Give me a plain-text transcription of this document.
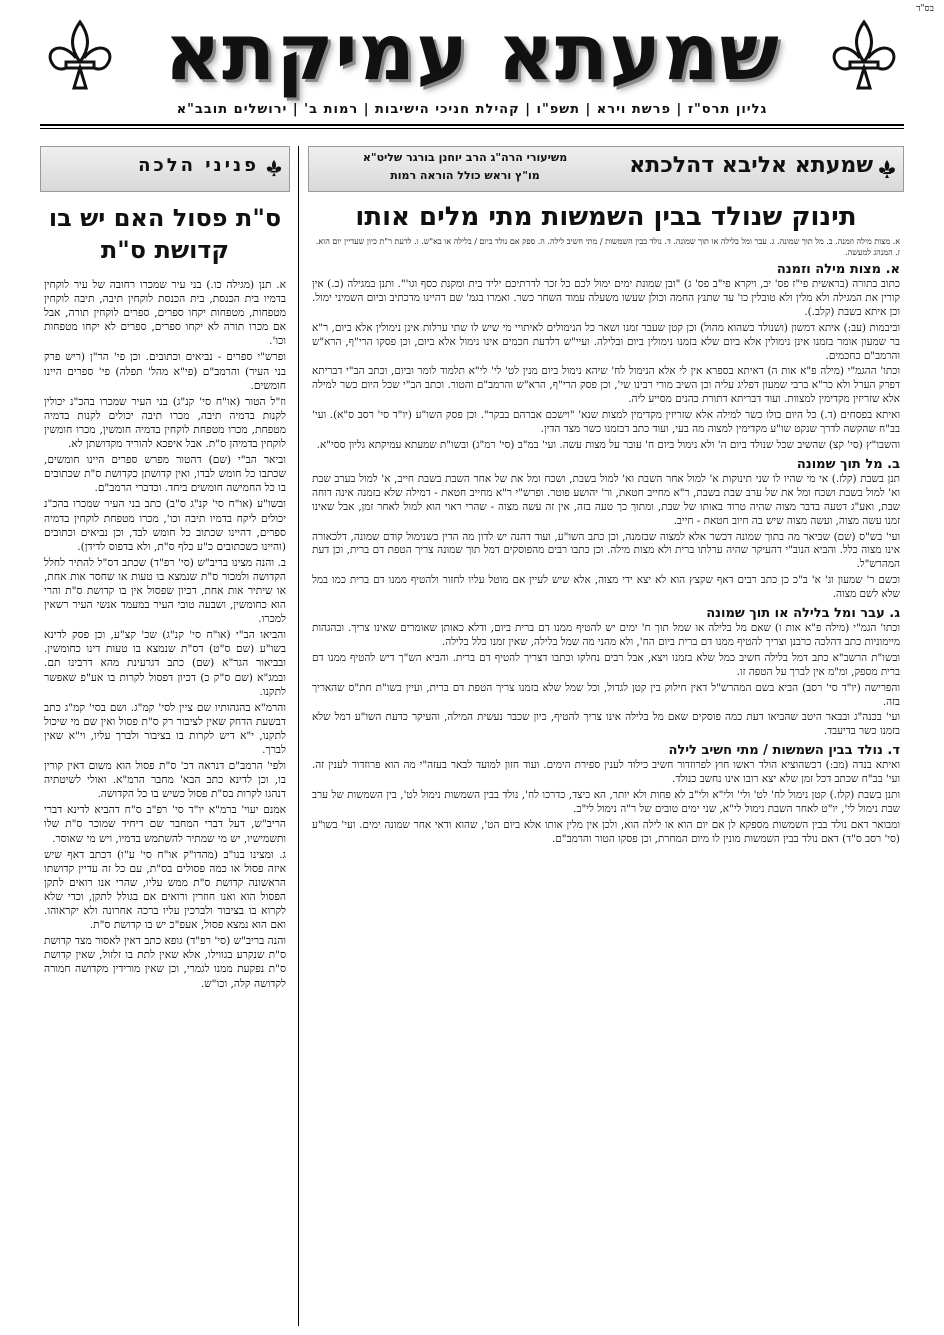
בס"ד
שמעתא עמיקתא
גליון תרס"ז | פרשת וירא | תשפ"ו | קהילת חניכי הישיבות | רמות ב' | ירושלים תובב"א
שמעתא אליבא דהלכתא
משיעורי הרה"ג הרב יוחנן בורגר שליט"א
מו"ץ וראש כולל הוראה רמות
תינוק שנולד בבין השמשות מתי מלים אותו
א. מצות מילה וזמנה. ב. מל תוך שמונה. ג. עבר ומל בלילה או תוך שמונה. ד. נולד בבין השמשות / מתי חשיב לילה. ה. ספק אם נולד ביום / בלילה או בא"ש. ו. לדעת ר"ת כיון שעדיין יום הוא. ז. המנהג למעשה.
א. מצות מילה וזמנה

כתוב בתורה (בראשית פי"ז פס' יב, ויקרא פי"ב פס' ג) "ובן שמונת ימים ימול לכם כל זכר לדרתיכם יליד בית ומקנת כסף וגו'". ותנן במגילה (כ.) אין קורין את המגילה ולא מלין ולא טובלין כו' עד שתנץ החמה וכולן שעשו משעלה עמוד השחר כשר. ואמרו בגמ' שם דהיינו מדכתיב וביום השמיני ימול. וכן איתא בשבת (קלב.).

וביבמות (עב:) איתא דמשון (ושנולד כשהוא מהול) וכן קטן שעבר זמנו ושאר כל הנימולים לאיתויי מי שיש לו שתי ערלות אינן נימולין אלא ביום, ר"א בר שמעון אומר בזמנו אינן נימולין אלא ביום שלא בזמנו נימולין ביום ובלילה. ועיי"ש דלדעת חכמים אינו נימול אלא ביום, וכן פסקו הרי"ף, הרא"ש והרמב"ם כחכמים.

וכתו' ההגמ"י (מילה פ"א אות ה) דאיתא בספרא אין לי אלא הנימול לח' שיהא נימול ביום מנין לט' לי' לי"א תלמוד לומר וביום, וכתב הב"י דבריתא דפרק הערל ולא כר"א ברבי שמעון דפליג עליה וכן השיב מורי רבינו שי', וכן פסק הרי"ף, הרא"ש והרמב"ם והטור. וכתב הב"י שכל היום כשר למילה אלא שזריזין מקדימין למצוות. ועוד דבריתא דתורת כהנים מסייע ליה.

ואיתא בפסחים (ד.) כל היום כולו כשר למילה אלא שזריזין מקדימין למצות שנא' "וישכם אברהם בבקר". וכן פסק השו"ע (יו"ד סי' רסב ס"א). ועי' בב"ח שהקשה לדרך שנקט שו"ע מקדימין למצוה מה בעי, ועוד כתב דבזמנו כשר מצד הדין.

והשבו"ץ (סי' קצ) שהשיב שכל שנולד ביום ה' ולא נימול ביום ח' עובר על מצות עשה. ועי' במ"ב (סי' רמ"ג) ובשו"ת שמעתא עמיקתא גליון ססי"א.

ב. מל תוך שמונה

תנן בשבת (קלז.) אי מי שהיו לו שני תינוקות א' למול אחר השבת וא' למול בשבת, ושכח ומל את של אחר השבת בשבת חייב, א' למול בערב שבת וא' למול בשבת ושכח ומל את של ערב שבת בשבת, ר"א מחייב חטאת, ור' יהושע פוטר. ופרש"י ר"א מחייב חטאת - דמילה שלא בזמנה אינה דוחה שבת, ואע"ג דטעה בדבר מצוה שהיה טרוד באותו של שבת, ומתוך כך טעה בזה, אין זה עשה מצוה - שהרי ראוי הוא למול לאחר זמן, אבל שאינו זמנו עשה מצוה, ועשה מצוה שיש בה חיוב חטאת - חייב.

ועי' בש"ס (שם) שביאר מה בתוך שמונה דכשר אלא למצוה שבזמנה, וכן כתב השו"ע, ועוד דהנה יש לדון מה הדין כשנימול קודם שמונה, דלכאורה אינו מצוה כלל. והביא הנוב"י דהעיקר שהיה ערלתו ברית ולא מצות מילה. וכן כתבו רבים מהפוסקים דמל תוך שמונה צריך הטפת דם ברית, וכן דעת המהרש"ל.

וכשם ר' שמעון וג' א' ב"כ כן כתב רבים דאף שקצץ הוא לא יצא ידי מצוה, אלא שיש לעיין אם מוטל עליו לחזור ולהטיף ממנו דם ברית כמו במל שלא לשם מצוה.

ג. עבר ומל בלילה או תוך שמונה

וכתו' הגמ"י (מילה פ"א אות ו) שאם מל בלילה או שמל תוך ח' ימים יש להטיף ממנו דם ברית ביום, ודלא כאותן שאומרים שאינו צריך. ובהגהות מיימוניות כתב דהלכה כרבנן וצריך להטיף ממנו דם ברית ביום הח', ולא מהני מה שמל בלילה, שאין זמנו כלל בלילה.

ובשו"ת הרשב"א כתב דמל בלילה חשיב כמל שלא בזמנו ויצא, אבל רבים נחלקו וכתבו דצריך להטיף דם ברית. והביא הש"ך דיש להטיף ממנו דם ברית מספק, ומ"מ אין לברך על הטפה זו.

והפרישה (יו"ד סי' רסב) הביא בשם המהרש"ל דאין חילוק בין קטן לגדול, וכל שמל שלא בזמנו צריך הטפת דם ברית, ועיין בשו"ת חת"ס שהאריך בזה.

ועי' בכנה"ג ובבאר היטב שהביאו דעת כמה פוסקים שאם מל בלילה אינו צריך להטיף, כיון שכבר נעשית המילה, והעיקר כדעת השו"ע דמל שלא בזמנו כשר בדיעבד.

ד. נולד בבין השמשות / מתי חשיב לילה

ואיתא בנדה (מב:) דכשהוציא הולד ראשו חוץ לפרוזדור חשיב כילוד לענין ספירת הימים. ועוד חזון למועד לבאר בעזה"י מה הוא פרוזדור לענין זה. ועי' בב"ח שכתב דכל זמן שלא יצא רובו אינו נחשב כנולד.

ותנן בשבת (קלז.) קטן נימול לח' לט' ולי' ולי"א ולי"ב לא פחות ולא יותר, הא כיצד, כדרכו לח', נולד בבין השמשות נימול לט', בין השמשות של ערב שבת נימול לי', יו"ט לאחר השבת נימול לי"א, שני ימים טובים של ר"ה נימול לי"ב.

ומבואר דאם נולד בבין השמשות מספקא לן אם יום הוא או לילה הוא, ולכן אין מלין אותו אלא ביום הט', שהוא ודאי אחר שמונה ימים. ועי' בשו"ע (סי' רסב ס"ד) דאם נולד בבין השמשות מונין לו מיום המחרת, וכן פסקו הטור והרמב"ם.

פניני הלכה
ס"ת פסול האם יש בו קדושת ס"ת

א. תנן (מגילה כו.) בני עיר שמכרו רחובה של עיר לוקחין בדמיו בית הכנסת, בית הכנסת לוקחין תיבה, תיבה לוקחין מטפחות, מטפחות יקחו ספרים, ספרים לוקחין תורה, אבל אם מכרו תורה לא יקחו ספרים, ספרים לא יקחו מטפחות וכו'.

ופרש"י ספרים - נביאים וכתובים. וכן פי' הר"ן (ריש פרק בני העיר) והרמב"ם (פי"א מהל' תפלה) פי' ספרים היינו חומשים.

וז"ל הטור (או"ח סי' קנ"ג) בני העיר שמכרו בהכ"נ יכולין לקנות בדמיה תיבה, מכרו תיבה יכולים לקנות בדמיה מטפחת, מכרו מטפחת לוקחין בדמיה חומשין, מכרו חומשין לוקחין בדמיהן ס"ת. אבל איפכא להוריד מקדושתן לא.

וביאר הב"י (שם) דהטור מפרש ספרים היינו חומשים, שכתבו כל חומש לבדו, ואין קדושתן כקדושת ס"ת שכתובים בו כל החמישה חומשים ביחד. וכדברי הרמב"ם.

ובשו"ע (או"ח סי' קנ"ג ס"ב) כתב בני העיר שמכרו בהכ"נ יכולים ליקח בדמיו תיבה וכו', מכרו מטפחת לוקחין בדמיה ספרים, דהיינו שכתוב כל חומש לבד, וכן נביאים וכתובים (והיינו כשכתובים כ"ע כלף ס"ת, ולא בדפוס לדידן).

ב. והנה מצינו בריב"ש (סי' רפ"ד) שכתב דס"ל להתיר לחלל הקדושה ולמכור ס"ת שנמצא בו טעות או שחסר אות אחת, או שיתיר אות אחת, דכיון שפסול אין בו קדושת ס"ת והרי הוא כחומשין, ושבעה טובי העיר במעמד אנשי העיר רשאין למכרו.

והביאו הב"י (או"ח סי' קנ"ג) שכ' קצ"ע, וכן פסק לדינא בשו"ע (שם ס"ט) דס"ת שנמצא בו טעות דינו כחומשין. ובביאור הגר"א (שם) כתב דגרעינת מהא דרבינו תם. ובמג"א (שם ס"ק כ) דכיון דפסול לקרות בו אע"פ שאפשר לתקנו.

והרמ"א בהגהותיו שם ציין לסי' קמ"ג. ושם בסי' קמ"ג כתב דבשעת הדחק שאין לציבור רק ס"ת פסול ואין שם מי שיכול לתקנו, י"א דיש לקרות בו בציבור ולברך עליו, וי"א שאין לברך.

ולפי' הרמב"ם דנראה דכ' ס"ת פסול הוא משום דאין קורין בו, וכן לדינא כתב הבא' מחבר הרמ"א. ואולי לשיטתיה דנהגו לקרות בס"ת פסול כשיש בו כל הקדושה.

אמנם יעוי' ברמ"א יו"ד סי' רפ"ב ס"ח דהביא לדינא דברי הריב"ש, דעל דברי המחבר שם דיחיד שמוכר ס"ת שלו ותשמישיו, יש מי שמתיר להשתמש בדמיו, ויש מי שאוסר.

ג. ומצינו בנו"ב (מהדו"ק או"ח סי' ע"ו) דכתב דאף שיש איזה פסול או כמה פסולים בס"ת, עם כל זה עדיין קדושתו הראשונה קדושת ס"ת ממש עליו, שהרי אנו רואים לתקן הפסול הוא ואנו חוזרין ורואים אם בגולל לתקן, וכדי שלא לקרוא בו בציבור ולברכין עליו ברכה אחרונה ולא יקראוהו. ואם הוא נמצא פסול, אעפ"כ יש בו קדושת ס"ת.

והנה בריב"ש (סי' רפ"ד) גופא כתב דאין לאסור מצד קדושת ס"ת שנקרע בגווילו, אלא שאין לתת בו זלזול, שאין קדושת ס"ת נפקעת ממנו לגמרי, וכן שאין מורידין מקדושה חמורה לקדושה קלה, וכו"ש.
